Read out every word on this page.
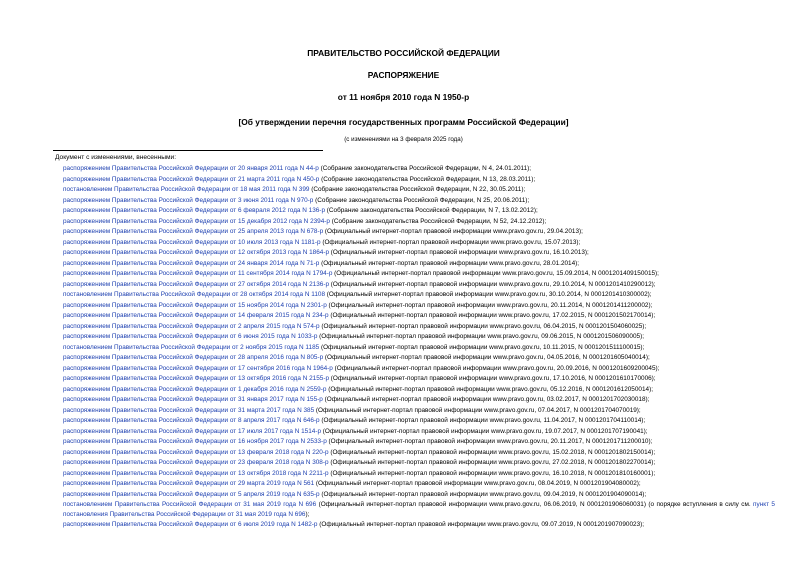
ПРАВИТЕЛЬСТВО РОССИЙСКОЙ ФЕДЕРАЦИИ
РАСПОРЯЖЕНИЕ
от 11 ноября 2010 года N 1950-р
[Об утверждении перечня государственных программ Российской Федерации]
(с изменениями на 3 февраля 2025 года)
Документ с изменениями, внесенными:
распоряжением Правительства Российской Федерации от 20 января 2011 года N 44-р (Собрание законодательства Российской Федерации, N 4, 24.01.2011);
распоряжением Правительства Российской Федерации от 21 марта 2011 года N 450-р (Собрание законодательства Российской Федерации, N 13, 28.03.2011);
постановлением Правительства Российской Федерации от 18 мая 2011 года N 399 (Собрание законодательства Российской Федерации, N 22, 30.05.2011);
распоряжением Правительства Российской Федерации от 3 июня 2011 года N 970-р (Собрание законодательства Российской Федерации, N 25, 20.06.2011);
распоряжением Правительства Российской Федерации от 6 февраля 2012 года N 136-р (Собрание законодательства Российской Федерации, N 7, 13.02.2012);
распоряжением Правительства Российской Федерации от 15 декабря 2012 года N 2394-р (Собрание законодательства Российской Федерации, N 52, 24.12.2012);
распоряжением Правительства Российской Федерации от 25 апреля 2013 года N 678-р (Официальный интернет-портал правовой информации www.pravo.gov.ru, 29.04.2013);
распоряжением Правительства Российской Федерации от 10 июля 2013 года N 1181-р (Официальный интернет-портал правовой информации www.pravo.gov.ru, 15.07.2013);
распоряжением Правительства Российской Федерации от 12 октября 2013 года N 1864-р (Официальный интернет-портал правовой информации www.pravo.gov.ru, 16.10.2013);
распоряжением Правительства Российской Федерации от 24 января 2014 года N 71-р (Официальный интернет-портал правовой информации www.pravo.gov.ru, 28.01.2014);
распоряжением Правительства Российской Федерации от 11 сентября 2014 года N 1794-р (Официальный интернет-портал правовой информации www.pravo.gov.ru, 15.09.2014, N 0001201409150015);
распоряжением Правительства Российской Федерации от 27 октября 2014 года N 2136-р (Официальный интернет-портал правовой информации www.pravo.gov.ru, 29.10.2014, N 0001201410290012);
постановлением Правительства Российской Федерации от 28 октября 2014 года N 1108 (Официальный интернет-портал правовой информации www.pravo.gov.ru, 30.10.2014, N 0001201410300002);
распоряжением Правительства Российской Федерации от 15 ноября 2014 года N 2301-р (Официальный интернет-портал правовой информации www.pravo.gov.ru, 20.11.2014, N 0001201411200002);
распоряжением Правительства Российской Федерации от 14 февраля 2015 года N 234-р (Официальный интернет-портал правовой информации www.pravo.gov.ru, 17.02.2015, N 0001201502170014);
распоряжением Правительства Российской Федерации от 2 апреля 2015 года N 574-р (Официальный интернет-портал правовой информации www.pravo.gov.ru, 06.04.2015, N 0001201504060025);
распоряжением Правительства Российской Федерации от 6 июня 2015 года N 1033-р (Официальный интернет-портал правовой информации www.pravo.gov.ru, 09.06.2015, N 0001201506090005);
постановлением Правительства Российской Федерации от 2 ноября 2015 года N 1185 (Официальный интернет-портал правовой информации www.pravo.gov.ru, 10.11.2015, N 0001201511100015);
распоряжением Правительства Российской Федерации от 28 апреля 2016 года N 805-р (Официальный интернет-портал правовой информации www.pravo.gov.ru, 04.05.2016, N 0001201605040014);
распоряжением Правительства Российской Федерации от 17 сентября 2016 года N 1964-р (Официальный интернет-портал правовой информации www.pravo.gov.ru, 20.09.2016, N 0001201609200045);
распоряжением Правительства Российской Федерации от 13 октября 2016 года N 2155-р (Официальный интернет-портал правовой информации www.pravo.gov.ru, 17.10.2016, N 0001201610170006);
распоряжением Правительства Российской Федерации от 1 декабря 2016 года N 2559-р (Официальный интернет-портал правовой информации www.pravo.gov.ru, 05.12.2016, N 0001201612050014);
распоряжением Правительства Российской Федерации от 31 января 2017 года N 155-р (Официальный интернет-портал правовой информации www.pravo.gov.ru, 03.02.2017, N 0001201702030018);
распоряжением Правительства Российской Федерации от 31 марта 2017 года N 385 (Официальный интернет-портал правовой информации www.pravo.gov.ru, 07.04.2017, N 0001201704070019);
распоряжением Правительства Российской Федерации от 8 апреля 2017 года N 646-р (Официальный интернет-портал правовой информации www.pravo.gov.ru, 11.04.2017, N 0001201704110014);
распоряжением Правительства Российской Федерации от 17 июля 2017 года N 1514-р (Официальный интернет-портал правовой информации www.pravo.gov.ru, 19.07.2017, N 0001201707190041);
распоряжением Правительства Российской Федерации от 16 ноября 2017 года N 2533-р (Официальный интернет-портал правовой информации www.pravo.gov.ru, 20.11.2017, N 0001201711200010);
распоряжением Правительства Российской Федерации от 13 февраля 2018 года N 220-р (Официальный интернет-портал правовой информации www.pravo.gov.ru, 15.02.2018, N 0001201802150014);
распоряжением Правительства Российской Федерации от 23 февраля 2018 года N 308-р (Официальный интернет-портал правовой информации www.pravo.gov.ru, 27.02.2018, N 0001201802270014);
распоряжением Правительства Российской Федерации от 13 октября 2018 года N 2211-р (Официальный интернет-портал правовой информации www.pravo.gov.ru, 16.10.2018, N 0001201810160001);
распоряжением Правительства Российской Федерации от 29 марта 2019 года N 561 (Официальный интернет-портал правовой информации www.pravo.gov.ru, 08.04.2019, N 0001201904080002);
распоряжением Правительства Российской Федерации от 5 апреля 2019 года N 635-р (Официальный интернет-портал правовой информации www.pravo.gov.ru, 09.04.2019, N 0001201904090014);
постановлением Правительства Российской Федерации от 31 мая 2019 года N 696 (Официальный интернет-портал правовой информации www.pravo.gov.ru, 06.06.2019, N 0001201906060031) (о порядке вступления в силу см. пункт 5 постановления Правительства Российской Федерации от 31 мая 2019 года N 696);
распоряжением Правительства Российской Федерации от 6 июля 2019 года N 1482-р (Официальный интернет-портал правовой информации www.pravo.gov.ru, 09.07.2019, N 0001201907090023);
